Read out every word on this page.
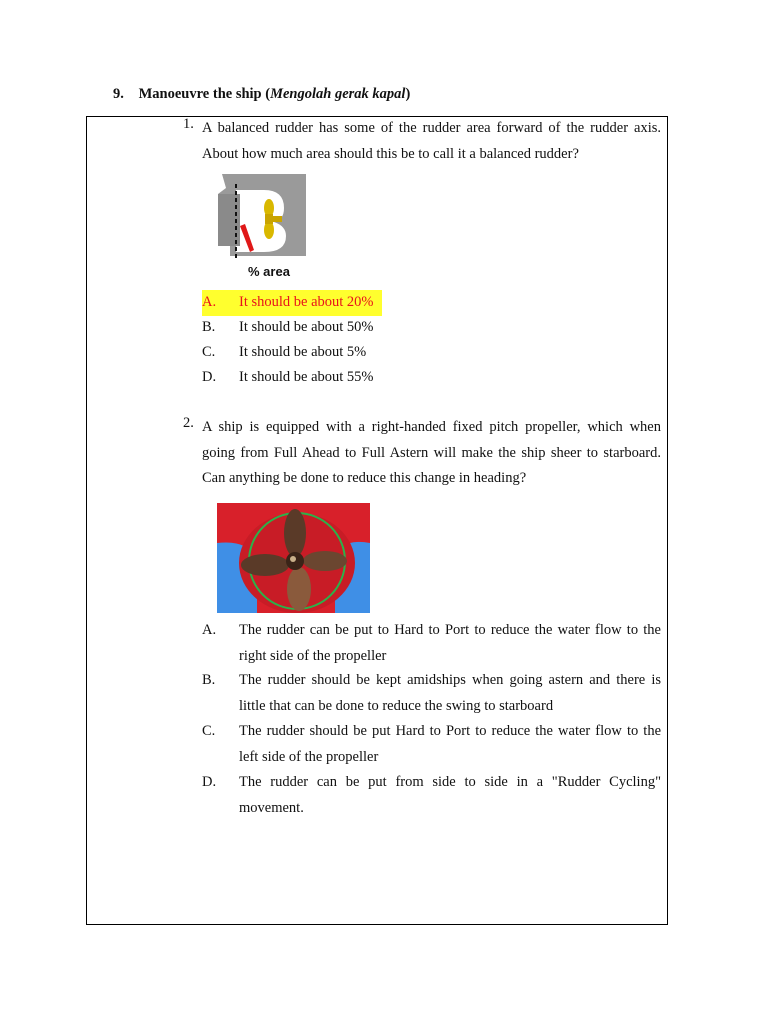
9. Manoeuvre the ship (Mengolah gerak kapal)
1. A balanced rudder has some of the rudder area forward of the rudder axis. About how much area should this be to call it a balanced rudder?
% area
A. It should be about 20%
B. It should be about 50%
C. It should be about 5%
D. It should be about 55%
2. A ship is equipped with a right-handed fixed pitch propeller, which when going from Full Ahead to Full Astern will make the ship sheer to starboard. Can anything be done to reduce this change in heading?
A. The rudder can be put to Hard to Port to reduce the water flow to the right side of the propeller
B. The rudder should be kept amidships when going astern and there is little that can be done to reduce the swing to starboard
C. The rudder should be put Hard to Port to reduce the water flow to the left side of the propeller
D. The rudder can be put from side to side in a "Rudder Cycling" movement.
